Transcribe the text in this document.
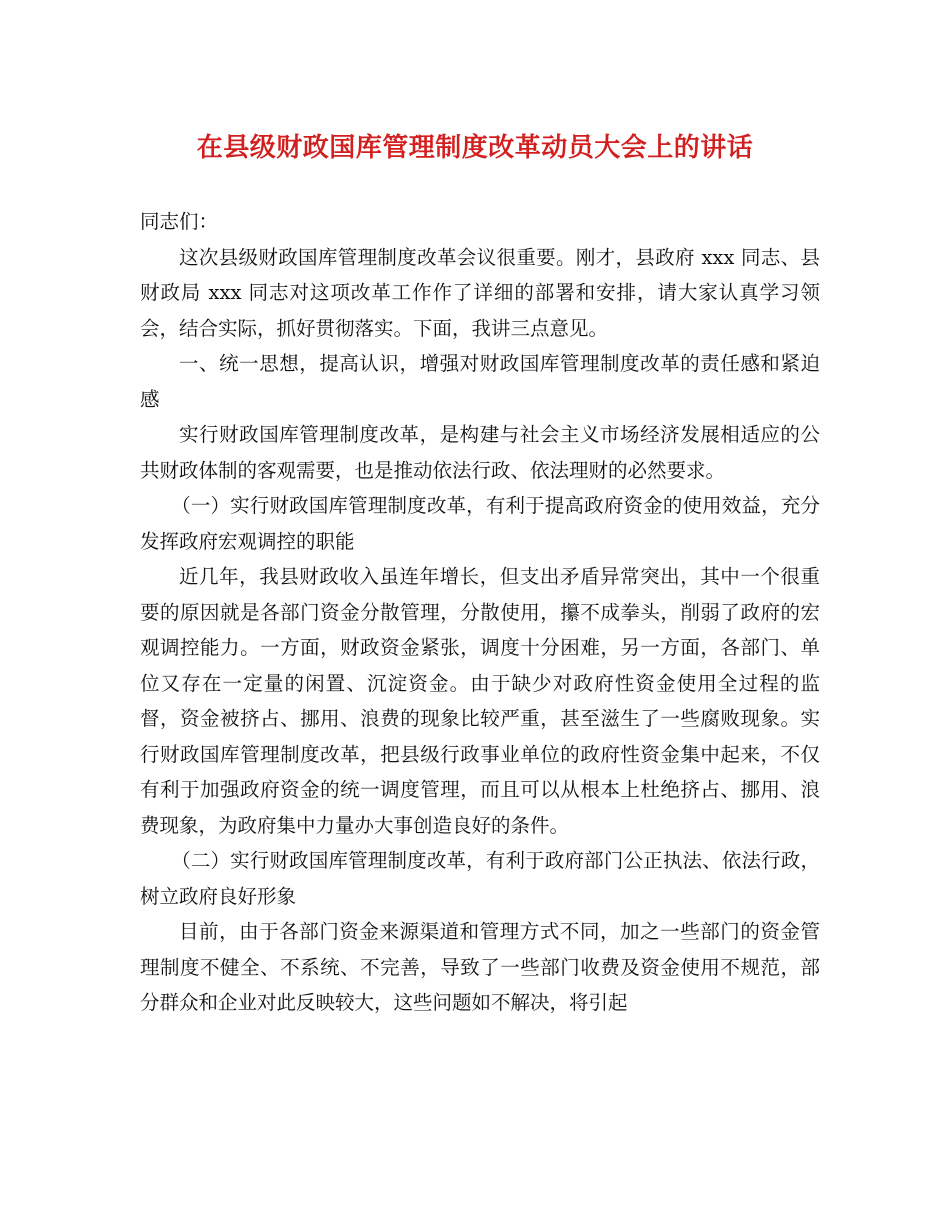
在县级财政国库管理制度改革动员大会上的讲话

同志们：

这次县级财政国库管理制度改革会议很重要。刚才，县政府 xxx 同志、县财政局 xxx 同志对这项改革工作作了详细的部署和安排，请大家认真学习领会，结合实际，抓好贯彻落实。下面，我讲三点意见。

一、统一思想，提高认识，增强对财政国库管理制度改革的责任感和紧迫感

实行财政国库管理制度改革，是构建与社会主义市场经济发展相适应的公共财政体制的客观需要，也是推动依法行政、依法理财的必然要求。

（一）实行财政国库管理制度改革，有利于提高政府资金的使用效益，充分发挥政府宏观调控的职能

近几年，我县财政收入虽连年增长，但支出矛盾异常突出，其中一个很重要的原因就是各部门资金分散管理，分散使用，攥不成拳头，削弱了政府的宏观调控能力。一方面，财政资金紧张，调度十分困难，另一方面，各部门、单位又存在一定量的闲置、沉淀资金。由于缺少对政府性资金使用全过程的监督，资金被挤占、挪用、浪费的现象比较严重，甚至滋生了一些腐败现象。实行财政国库管理制度改革，把县级行政事业单位的政府性资金集中起来，不仅有利于加强政府资金的统一调度管理，而且可以从根本上杜绝挤占、挪用、浪费现象，为政府集中力量办大事创造良好的条件。

（二）实行财政国库管理制度改革，有利于政府部门公正执法、依法行政，树立政府良好形象

目前，由于各部门资金来源渠道和管理方式不同，加之一些部门的资金管理制度不健全、不系统、不完善，导致了一些部门收费及资金使用不规范，部分群众和企业对此反映较大，这些问题如不解决，将引起
